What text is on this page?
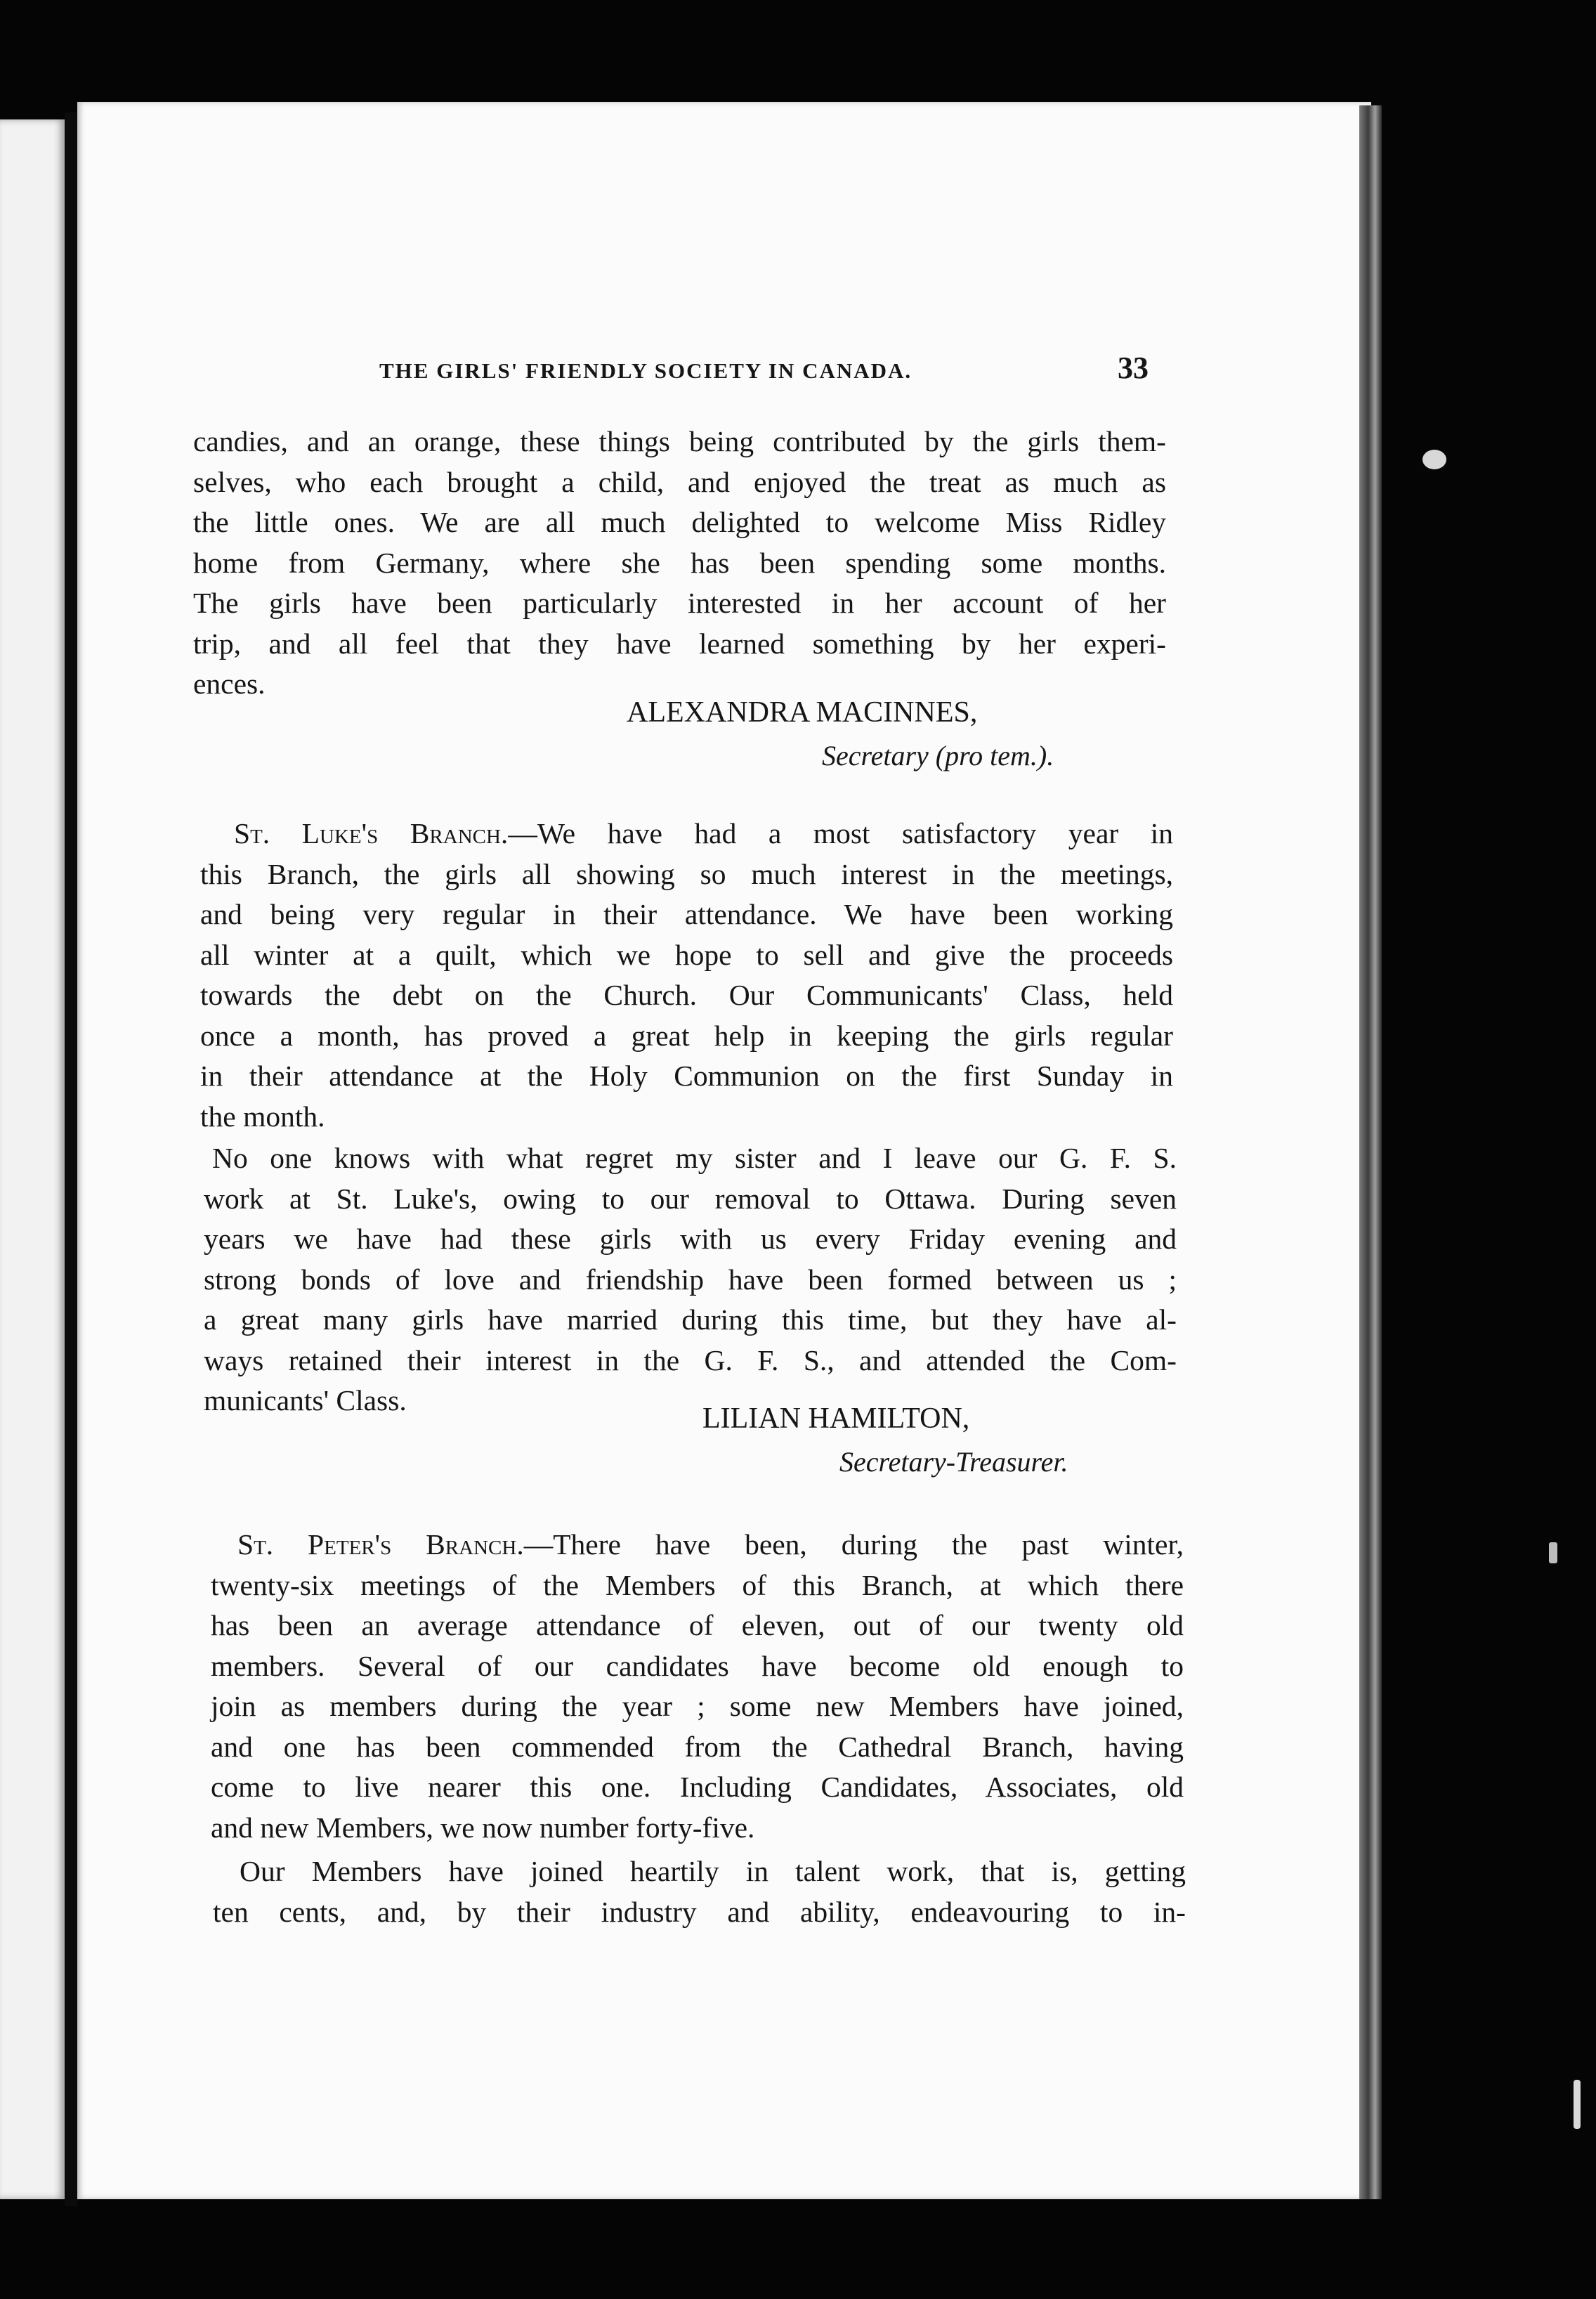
THE GIRLS' FRIENDLY SOCIETY IN CANADA.	33

candies, and an orange, these things being contributed by the girls them-

selves, who each brought a child, and enjoyed the treat as much as

the little ones. We are all much delighted to welcome Miss Ridley

home from Germany, where she has been spending some months.

The girls have been particularly interested in her account of her

trip, and all feel that they have learned something by her experi-

ences.

ALEXANDRA MACINNES,
Secretary (pro tem.).

St. Luke's Branch.—We have had a most satisfactory year in

this Branch, the girls all showing so much interest in the meetings,

and being very regular in their attendance. We have been working

all winter at a quilt, which we hope to sell and give the proceeds

towards the debt on the Church. Our Communicants' Class, held

once a month, has proved a great help in keeping the girls regular

in their attendance at the Holy Communion on the first Sunday in

the month.

No one knows with what regret my sister and I leave our G. F. S.

work at St. Luke's, owing to our removal to Ottawa. During seven

years we have had these girls with us every Friday evening and

strong bonds of love and friendship have been formed between us ;

a great many girls have married during this time, but they have al-

ways retained their interest in the G. F. S., and attended the Com-

municants' Class.

LILIAN HAMILTON,
Secretary-Treasurer.

St. Peter's Branch.—There have been, during the past winter,

twenty-six meetings of the Members of this Branch, at which there

has been an average attendance of eleven, out of our twenty old

members. Several of our candidates have become old enough to

join as members during the year ; some new Members have joined,

and one has been commended from the Cathedral Branch, having

come to live nearer this one. Including Candidates, Associates, old

and new Members, we now number forty-five.

Our Members have joined heartily in talent work, that is, getting

ten cents, and, by their industry and ability, endeavouring to in-
